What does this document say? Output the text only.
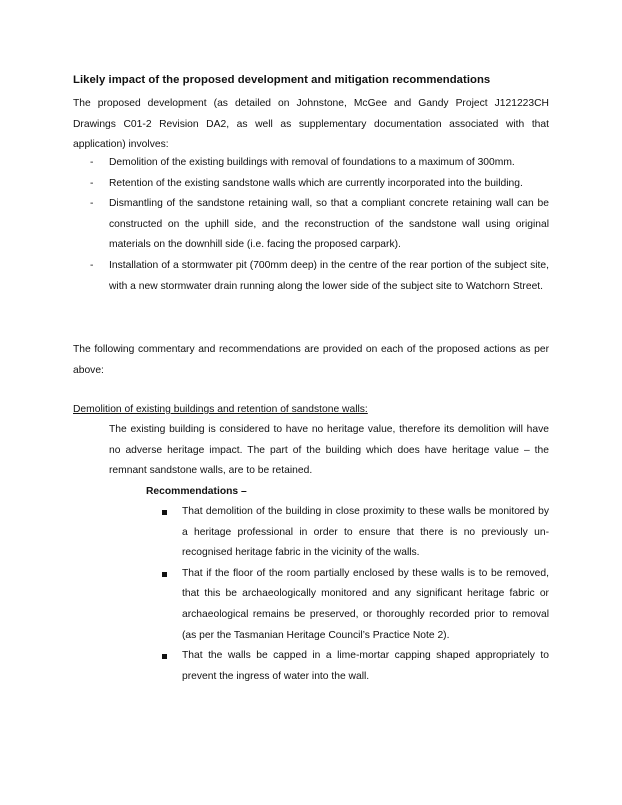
Likely impact of the proposed development and mitigation recommendations

The proposed development (as detailed on Johnstone, McGee and Gandy Project J121223CH Drawings C01-2 Revision DA2, as well as supplementary documentation associated with that application) involves:

- Demolition of the existing buildings with removal of foundations to a maximum of 300mm.
- Retention of the existing sandstone walls which are currently incorporated into the building.
- Dismantling of the sandstone retaining wall, so that a compliant concrete retaining wall can be constructed on the uphill side, and the reconstruction of the sandstone wall using original materials on the downhill side (i.e. facing the proposed carpark).
- Installation of a stormwater pit (700mm deep) in the centre of the rear portion of the subject site, with a new stormwater drain running along the lower side of the subject site to Watchorn Street.

The following commentary and recommendations are provided on each of the proposed actions as per above:

Demolition of existing buildings and retention of sandstone walls:

The existing building is considered to have no heritage value, therefore its demolition will have no adverse heritage impact. The part of the building which does have heritage value – the remnant sandstone walls, are to be retained.

Recommendations –
That demolition of the building in close proximity to these walls be monitored by a heritage professional in order to ensure that there is no previously un-recognised heritage fabric in the vicinity of the walls.
That if the floor of the room partially enclosed by these walls is to be removed, that this be archaeologically monitored and any significant heritage fabric or archaeological remains be preserved, or thoroughly recorded prior to removal (as per the Tasmanian Heritage Council’s Practice Note 2).
That the walls be capped in a lime-mortar capping shaped appropriately to prevent the ingress of water into the wall.
